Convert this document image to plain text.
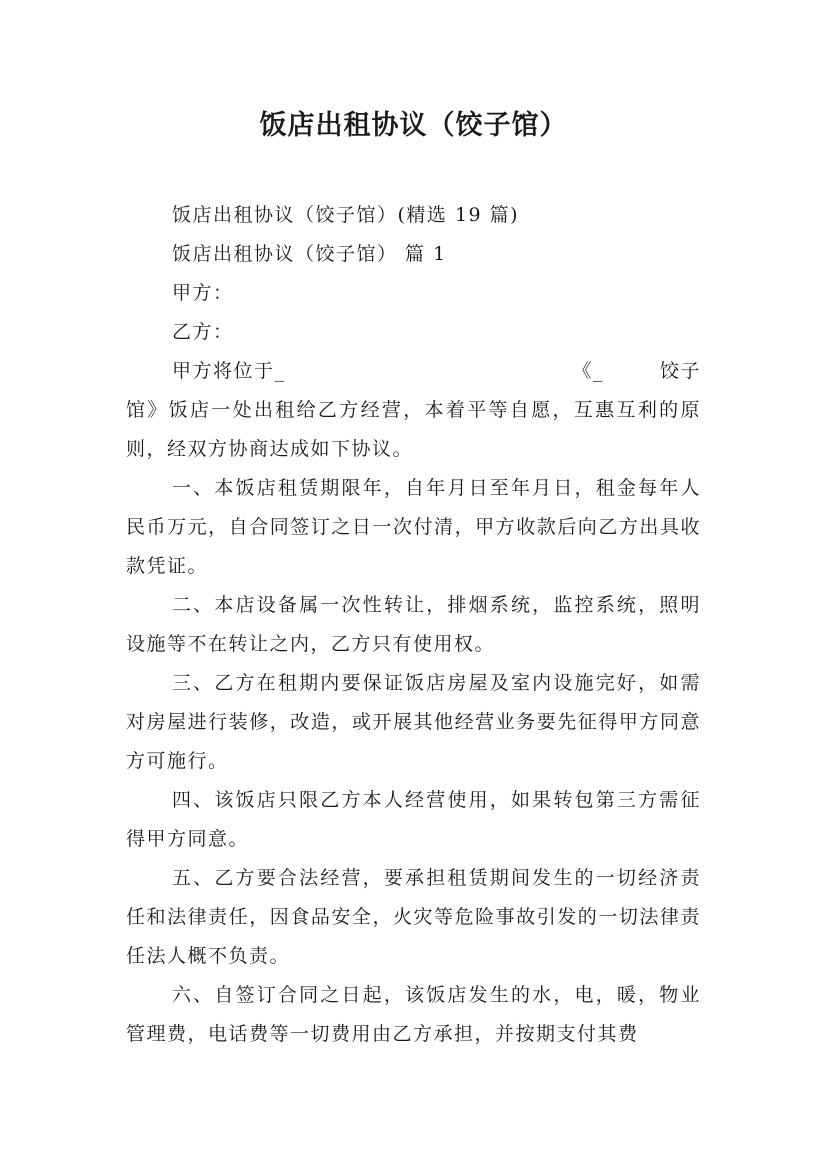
饭店出租协议（饺子馆）

饭店出租协议（饺子馆）(精选 19 篇)

饭店出租协议（饺子馆） 篇 1

甲方：

乙方：

甲方将位于_	《_	饺子

馆》饭店一处出租给乙方经营，本着平等自愿，互惠互利的原则，经双方协商达成如下协议。

一、本饭店租赁期限年，自年月日至年月日，租金每年人民币万元，自合同签订之日一次付清，甲方收款后向乙方出具收款凭证。

二、本店设备属一次性转让，排烟系统，监控系统，照明设施等不在转让之内，乙方只有使用权。

三、乙方在租期内要保证饭店房屋及室内设施完好，如需对房屋进行装修，改造，或开展其他经营业务要先征得甲方同意方可施行。

四、该饭店只限乙方本人经营使用，如果转包第三方需征得甲方同意。

五、乙方要合法经营，要承担租赁期间发生的一切经济责任和法律责任，因食品安全，火灾等危险事故引发的一切法律责任法人概不负责。

六、自签订合同之日起，该饭店发生的水，电，暖，物业管理费，电话费等一切费用由乙方承担，并按期支付其费
